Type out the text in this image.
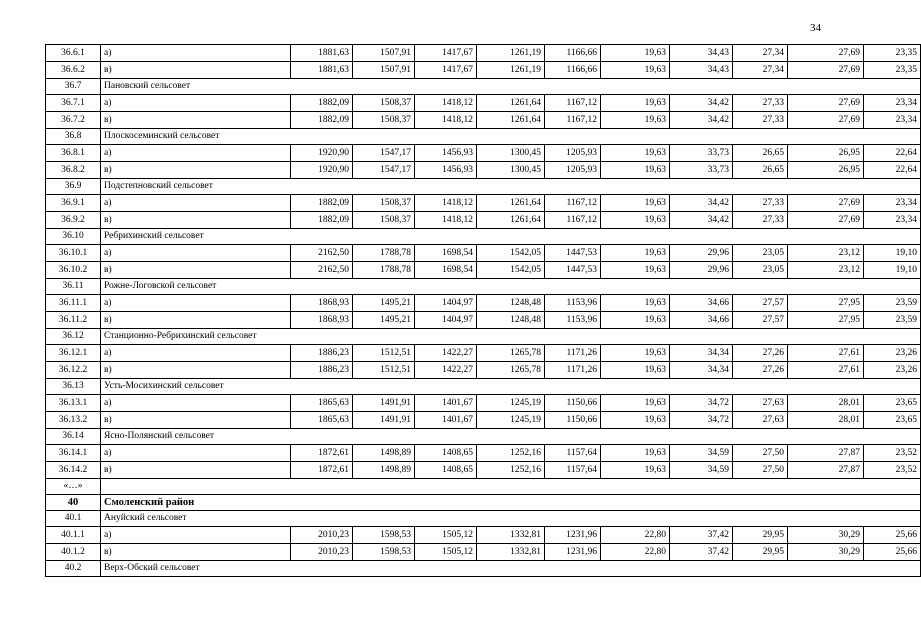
34
36.6.1	а)	1881,63	1507,91	1417,67	1261,19	1166,66	19,63	34,43	27,34	27,69	23,35	
36.6.2	в)	1881,63	1507,91	1417,67	1261,19	1166,66	19,63	34,43	27,34	27,69	23,35	
36.7	Пановский сельсовет											
36.7.1	а)	1882,09	1508,37	1418,12	1261,64	1167,12	19,63	34,42	27,33	27,69	23,34	
36.7.2	в)	1882,09	1508,37	1418,12	1261,64	1167,12	19,63	34,42	27,33	27,69	23,34	
36.8	Плоскосеминский сельсовет											
36.8.1	а)	1920,90	1547,17	1456,93	1300,45	1205,93	19,63	33,73	26,65	26,95	22,64	
36.8.2	в)	1920,90	1547,17	1456,93	1300,45	1205,93	19,63	33,73	26,65	26,95	22,64	
36.9	Подстепновский сельсовет											
36.9.1	а)	1882,09	1508,37	1418,12	1261,64	1167,12	19,63	34,42	27,33	27,69	23,34	
36.9.2	в)	1882,09	1508,37	1418,12	1261,64	1167,12	19,63	34,42	27,33	27,69	23,34	
36.10	Ребрихинский сельсовет											
36.10.1	а)	2162,50	1788,78	1698,54	1542,05	1447,53	19,63	29,96	23,05	23,12	19,10	
36.10.2	в)	2162,50	1788,78	1698,54	1542,05	1447,53	19,63	29,96	23,05	23,12	19,10	
36.11	Рожне-Логовской сельсовет											
36.11.1	а)	1868,93	1495,21	1404,97	1248,48	1153,96	19,63	34,66	27,57	27,95	23,59	
36.11.2	в)	1868,93	1495,21	1404,97	1248,48	1153,96	19,63	34,66	27,57	27,95	23,59	
36.12	Станционно-Ребрихинский сельсовет											
36.12.1	а)	1886,23	1512,51	1422,27	1265,78	1171,26	19,63	34,34	27,26	27,61	23,26	
36.12.2	в)	1886,23	1512,51	1422,27	1265,78	1171,26	19,63	34,34	27,26	27,61	23,26	
36.13	Усть-Мосихинский сельсовет											
36.13.1	а)	1865,63	1491,91	1401,67	1245,19	1150,66	19,63	34,72	27,63	28,01	23,65	
36.13.2	в)	1865,63	1491,91	1401,67	1245,19	1150,66	19,63	34,72	27,63	28,01	23,65	
36.14	Ясно-Полянский сельсовет											
36.14.1	а)	1872,61	1498,89	1408,65	1252,16	1157,64	19,63	34,59	27,50	27,87	23,52	
36.14.2	в)	1872,61	1498,89	1408,65	1252,16	1157,64	19,63	34,59	27,50	27,87	23,52	
«…»												
40	Смоленский район											
40.1	Ануйский сельсовет											
40.1.1	а)	2010,23	1598,53	1505,12	1332,81	1231,96	22,80	37,42	29,95	30,29	25,66	
40.1.2	в)	2010,23	1598,53	1505,12	1332,81	1231,96	22,80	37,42	29,95	30,29	25,66	
40.2	Верх-Обский сельсовет											
